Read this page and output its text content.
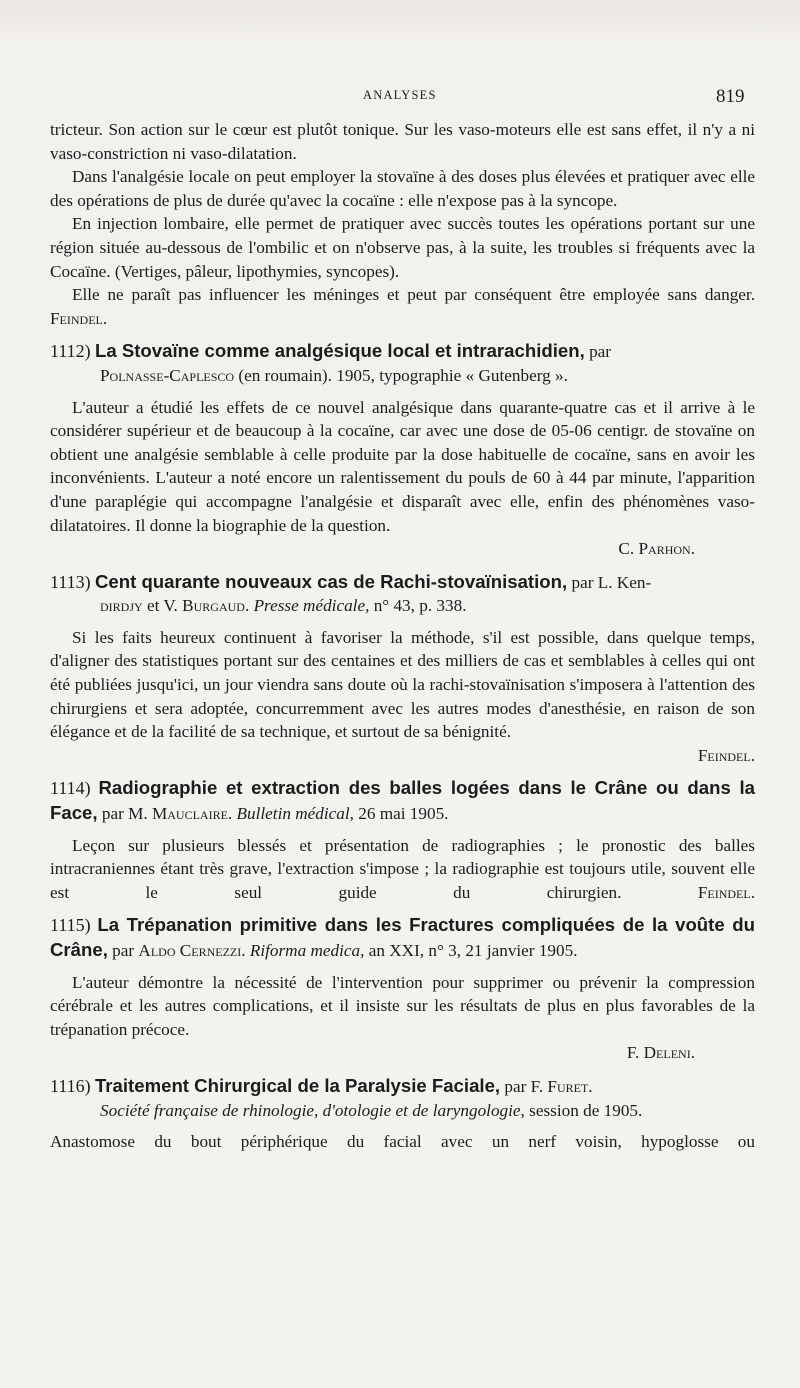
ANALYSES	819

tricteur. Son action sur le cœur est plutôt tonique. Sur les vaso-moteurs elle est sans effet, il n'y a ni vaso-constriction ni vaso-dilatation.

Dans l'analgésie locale on peut employer la stovaïne à des doses plus élevées et pratiquer avec elle des opérations de plus de durée qu'avec la cocaïne : elle n'expose pas à la syncope.

En injection lombaire, elle permet de pratiquer avec succès toutes les opérations portant sur une région située au-dessous de l'ombilic et on n'observe pas, à la suite, les troubles si fréquents avec la Cocaïne. (Vertiges, pâleur, lipothymies, syncopes).

Elle ne paraît pas influencer les méninges et peut par conséquent être employée sans danger. Feindel.

1112) La Stovaïne comme analgésique local et intrarachidien, par

Polnasse-Caplesco (en roumain). 1905, typographie « Gutenberg ».

L'auteur a étudié les effets de ce nouvel analgésique dans quarante-quatre cas et il arrive à le considérer supérieur et de beaucoup à la cocaïne, car avec une dose de 05-06 centigr. de stovaïne on obtient une analgésie semblable à celle produite par la dose habituelle de cocaïne, sans en avoir les inconvénients. L'auteur a noté encore un ralentissement du pouls de 60 à 44 par minute, l'apparition d'une paraplégie qui accompagne l'analgésie et disparaît avec elle, enfin des phénomènes vaso-dilatatoires. Il donne la biographie de la question.

C. Parhon.

1113) Cent quarante nouveaux cas de Rachi-stovaïnisation, par L. Ken-

dirdjy et V. Burgaud. Presse médicale, n° 43, p. 338.

Si les faits heureux continuent à favoriser la méthode, s'il est possible, dans quelque temps, d'aligner des statistiques portant sur des centaines et des milliers de cas et semblables à celles qui ont été publiées jusqu'ici, un jour viendra sans doute où la rachi-stovaïnisation s'imposera à l'attention des chirurgiens et sera adoptée, concurremment avec les autres modes d'anesthésie, en raison de son élégance et de la facilité de sa technique, et surtout de sa bénignité.

Feindel.

1114) Radiographie et extraction des balles logées dans le Crâne ou dans la Face, par M. Mauclaire. Bulletin médical, 26 mai 1905.

Leçon sur plusieurs blessés et présentation de radiographies ; le pronostic des balles intracraniennes étant très grave, l'extraction s'impose ; la radiographie est toujours utile, souvent elle est le seul guide du chirurgien.	Feindel.

1115) La Trépanation primitive dans les Fractures compliquées de la voûte du Crâne, par Aldo Cernezzi. Riforma medica, an XXI, n° 3, 21 janvier 1905.

L'auteur démontre la nécessité de l'intervention pour supprimer ou prévenir la compression cérébrale et les autres complications, et il insiste sur les résultats de plus en plus favorables de la trépanation précoce.

F. Deleni.

1116) Traitement Chirurgical de la Paralysie Faciale, par F. Furet.

Société française de rhinologie, d'otologie et de laryngologie, session de 1905.

Anastomose du bout périphérique du facial avec un nerf voisin, hypoglosse ou
